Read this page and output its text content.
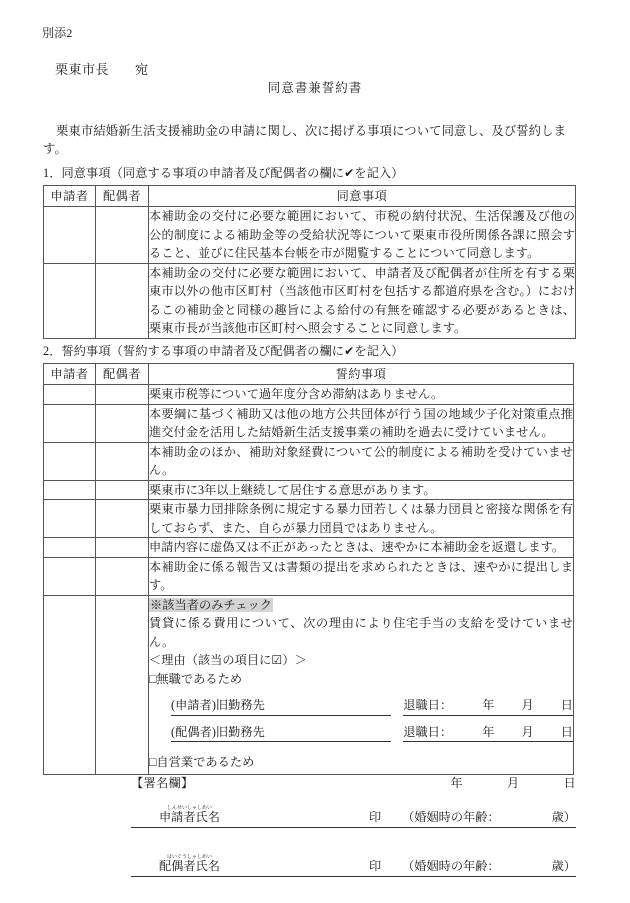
別添2
栗東市長 宛
同意書兼誓約書
栗東市結婚新生活支援補助金の申請に関し、次に掲げる事項について同意し、及び誓約します。
1．同意事項（同意する事項の申請者及び配偶者の欄に✔を記入）
申請者	配偶者	同意事項
		本補助金の交付に必要な範囲において、市税の納付状況、生活保護及び他の公的制度による補助金等の受給状況等について栗東市役所関係各課に照会すること、並びに住民基本台帳を市が閲覧することについて同意します。
		本補助金の交付に必要な範囲において、申請者及び配偶者が住所を有する栗東市以外の他市区町村（当該他市区町村を包括する都道府県を含む。）におけるこの補助金と同様の趣旨による給付の有無を確認する必要があるときは、栗東市長が当該他市区町村へ照会することに同意します。
2．誓約事項（誓約する事項の申請者及び配偶者の欄に✔を記入）
申請者	配偶者	誓約事項
		栗東市税等について過年度分含め滞納はありません。
		本要綱に基づく補助又は他の地方公共団体が行う国の地域少子化対策重点推進交付金を活用した結婚新生活支援事業の補助を過去に受けていません。
		本補助金のほか、補助対象経費について公的制度による補助を受けていません。
		栗東市に3年以上継続して居住する意思があります。
		栗東市暴力団排除条例に規定する暴力団若しくは暴力団員と密接な関係を有しておらず、また、自らが暴力団員ではありません。
		申請内容に虚偽又は不正があったときは、速やかに本補助金を返還します。
		本補助金に係る報告又は書類の提出を求められたときは、速やかに提出します。

※該当者のみチェック
賃貸に係る費用について、次の理由により住宅手当の支給を受けていません。
＜理由（該当の項目に☑）＞
□無職であるため
(申請者)旧勤務先	退職日： 年 月 日
(配偶者)旧勤務先	退職日： 年 月 日
□自営業であるため
【署名欄】	年	月	日
申請者氏名しんせいしゃしめい
印 （婚姻時の年齢：	歳）
配偶者氏名はいぐうしゃしめい
印 （婚姻時の年齢：	歳）
